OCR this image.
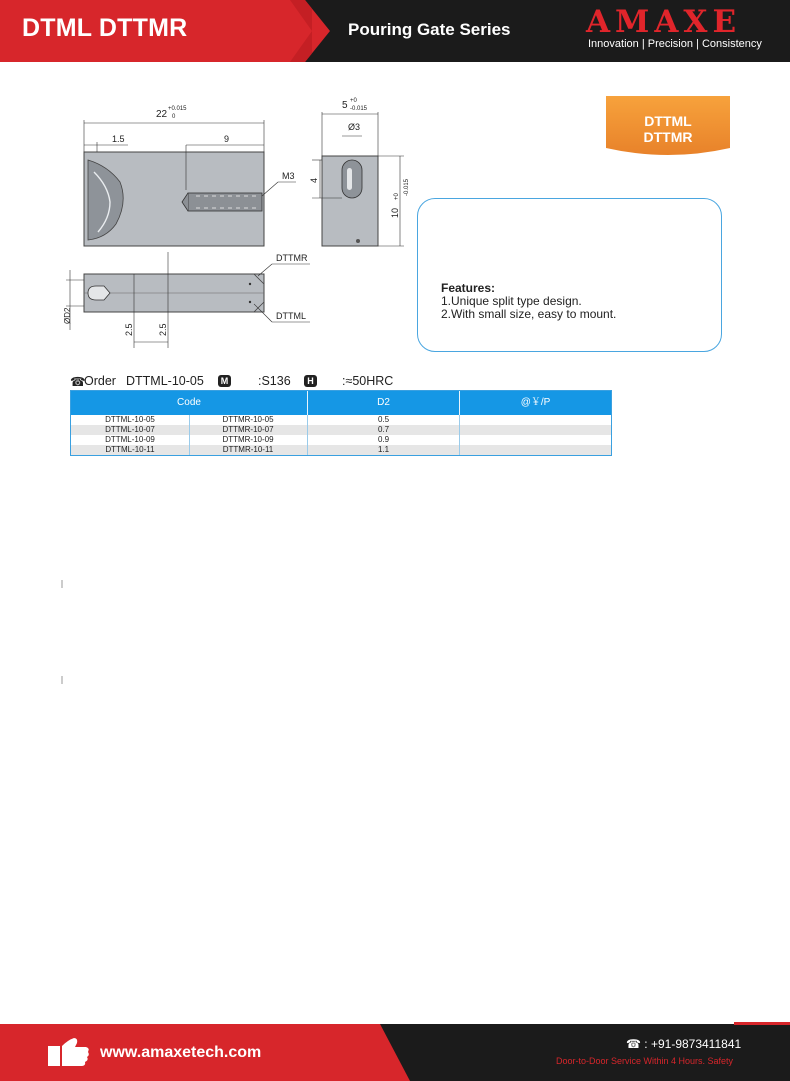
DTML DTTMR	Pouring Gate Series AMAXE
Innovation | Precision | Consistency
22 +0.015
0
1.5	9
M3
5 +0
-0.015
Ø3
4
10
+0
-0.015
ØD2
2.5	2.5
DTTMR
DTTML
DTTML
DTTMR
Features:
1.Unique split type design.
2.With small size, easy to mount.
☎
Order DTTML-10-05	M :S136	H :≈50HRC
Code	D2	@￥/P
DTTML-10-05	DTTMR-10-05	0.5
DTTML-10-07	DTTMR-10-07	0.7
DTTML-10-09	DTTMR-10-09	0.9
DTTML-10-11	DTTMR-10-11	1.1
www.amaxetech.com	☎ : +91-9873411841
Door-to-Door Service Within 4 Hours. Safety
